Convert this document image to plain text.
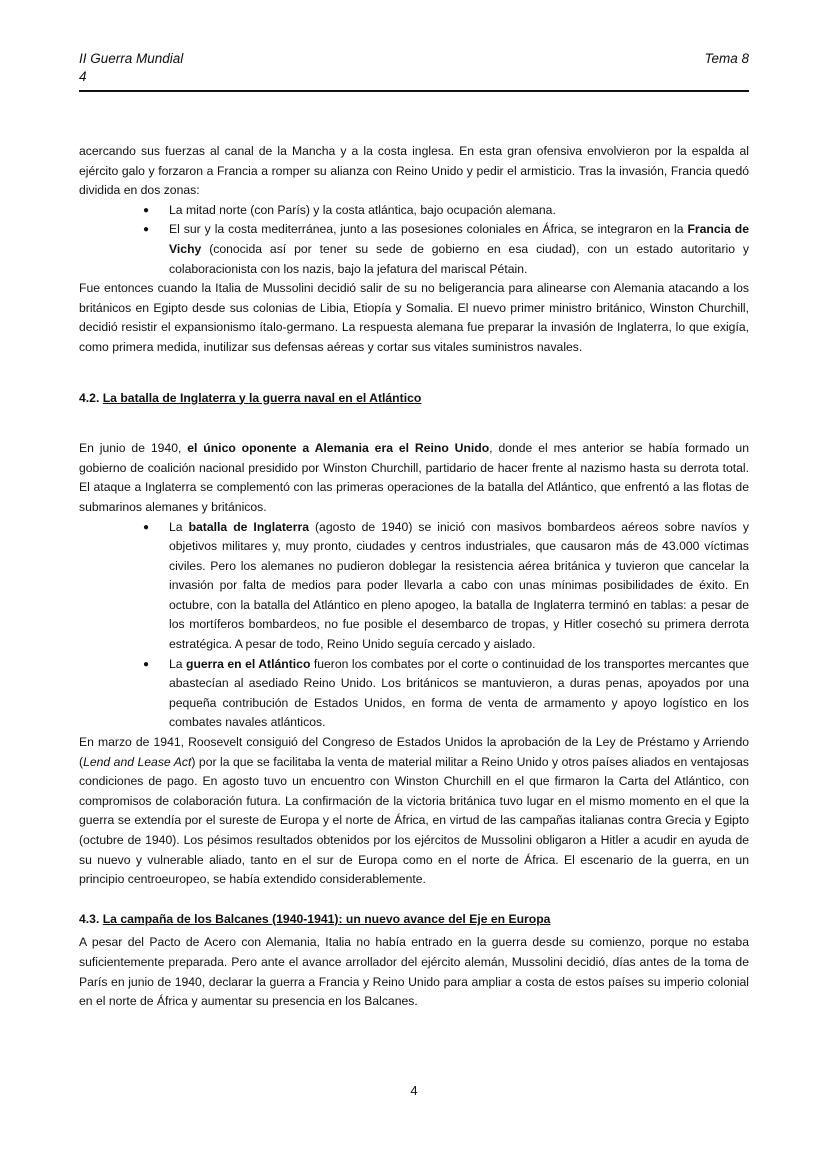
II Guerra Mundial
4
Tema 8

acercando sus fuerzas al canal de la Mancha y a la costa inglesa. En esta gran ofensiva envolvieron por la espalda al ejército galo y forzaron a Francia a romper su alianza con Reino Unido y pedir el armisticio. Tras la invasión, Francia quedó dividida en dos zonas:

● La mitad norte (con París) y la costa atlántica, bajo ocupación alemana.
● El sur y la costa mediterránea, junto a las posesiones coloniales en África, se integraron en la Francia de Vichy (conocida así por tener su sede de gobierno en esa ciudad), con un estado autoritario y colaboracionista con los nazis, bajo la jefatura del mariscal Pétain.

Fue entonces cuando la Italia de Mussolini decidió salir de su no beligerancia para alinearse con Alemania atacando a los británicos en Egipto desde sus colonias de Libia, Etiopía y Somalia. El nuevo primer ministro británico, Winston Churchill, decidió resistir el expansionismo ítalo-germano. La respuesta alemana fue preparar la invasión de Inglaterra, lo que exigía, como primera medida, inutilizar sus defensas aéreas y cortar sus vitales suministros navales.

4.2. La batalla de Inglaterra y la guerra naval en el Atlántico

En junio de 1940, el único oponente a Alemania era el Reino Unido, donde el mes anterior se había formado un gobierno de coalición nacional presidido por Winston Churchill, partidario de hacer frente al nazismo hasta su derrota total. El ataque a Inglaterra se complementó con las primeras operaciones de la batalla del Atlántico, que enfrentó a las flotas de submarinos alemanes y británicos.

● La batalla de Inglaterra (agosto de 1940) se inició con masivos bombardeos aéreos sobre navíos y objetivos militares y, muy pronto, ciudades y centros industriales, que causaron más de 43.000 víctimas civiles. Pero los alemanes no pudieron doblegar la resistencia aérea británica y tuvieron que cancelar la invasión por falta de medios para poder llevarla a cabo con unas mínimas posibilidades de éxito. En octubre, con la batalla del Atlántico en pleno apogeo, la batalla de Inglaterra terminó en tablas: a pesar de los mortíferos bombardeos, no fue posible el desembarco de tropas, y Hitler cosechó su primera derrota estratégica. A pesar de todo, Reino Unido seguía cercado y aislado.
● La guerra en el Atlántico fueron los combates por el corte o continuidad de los transportes mercantes que abastecían al asediado Reino Unido. Los británicos se mantuvieron, a duras penas, apoyados por una pequeña contribución de Estados Unidos, en forma de venta de armamento y apoyo logístico en los combates navales atlánticos.

En marzo de 1941, Roosevelt consiguió del Congreso de Estados Unidos la aprobación de la Ley de Préstamo y Arriendo (Lend and Lease Act) por la que se facilitaba la venta de material militar a Reino Unido y otros países aliados en ventajosas condiciones de pago. En agosto tuvo un encuentro con Winston Churchill en el que firmaron la Carta del Atlántico, con compromisos de colaboración futura. La confirmación de la victoria británica tuvo lugar en el mismo momento en el que la guerra se extendía por el sureste de Europa y el norte de África, en virtud de las campañas italianas contra Grecia y Egipto (octubre de 1940). Los pésimos resultados obtenidos por los ejércitos de Mussolini obligaron a Hitler a acudir en ayuda de su nuevo y vulnerable aliado, tanto en el sur de Europa como en el norte de África. El escenario de la guerra, en un principio centroeuropeo, se había extendido considerablemente.

4.3. La campaña de los Balcanes (1940-1941): un nuevo avance del Eje en Europa

A pesar del Pacto de Acero con Alemania, Italia no había entrado en la guerra desde su comienzo, porque no estaba suficientemente preparada. Pero ante el avance arrollador del ejército alemán, Mussolini decidió, días antes de la toma de París en junio de 1940, declarar la guerra a Francia y Reino Unido para ampliar a costa de estos países su imperio colonial en el norte de África y aumentar su presencia en los Balcanes.

4
